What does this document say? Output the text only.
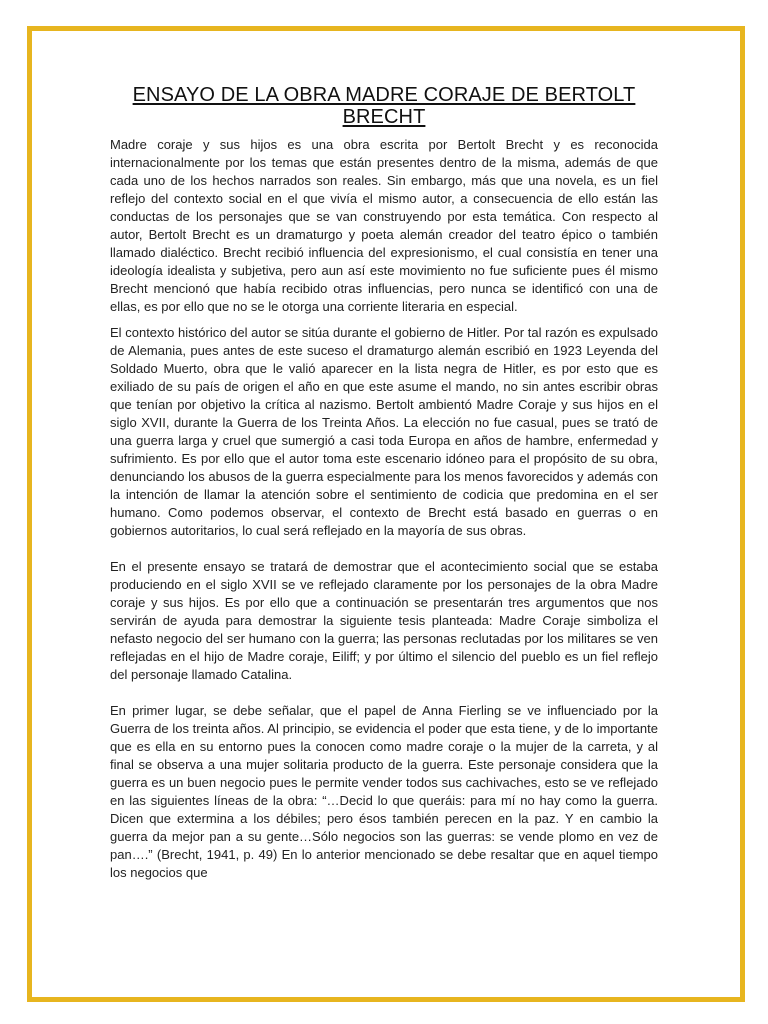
ENSAYO DE LA OBRA MADRE CORAJE DE BERTOLT BRECHT

Madre coraje y sus hijos es una obra escrita por Bertolt Brecht y es reconocida internacionalmente por los temas que están presentes dentro de la misma, además de que cada uno de los hechos narrados son reales. Sin embargo, más que una novela, es un fiel reflejo del contexto social en el que vivía el mismo autor, a consecuencia de ello están las conductas de los personajes que se van construyendo por esta temática. Con respecto al autor, Bertolt Brecht es un dramaturgo y poeta alemán creador del teatro épico o también llamado dialéctico. Brecht recibió influencia del expresionismo, el cual consistía en tener una ideología idealista y subjetiva, pero aun así este movimiento no fue suficiente pues él mismo Brecht mencionó que había recibido otras influencias, pero nunca se identificó con una de ellas, es por ello que no se le otorga una corriente literaria en especial.

El contexto histórico del autor se sitúa durante el gobierno de Hitler. Por tal razón es expulsado de Alemania, pues antes de este suceso el dramaturgo alemán escribió en 1923 Leyenda del Soldado Muerto, obra que le valió aparecer en la lista negra de Hitler, es por esto que es exiliado de su país de origen el año en que este asume el mando, no sin antes escribir obras que tenían por objetivo la crítica al nazismo. Bertolt ambientó Madre Coraje y sus hijos en el siglo XVII, durante la Guerra de los Treinta Años. La elección no fue casual, pues se trató de una guerra larga y cruel que sumergió a casi toda Europa en años de hambre, enfermedad y sufrimiento. Es por ello que el autor toma este escenario idóneo para el propósito de su obra, denunciando los abusos de la guerra especialmente para los menos favorecidos y además con la intención de llamar la atención sobre el sentimiento de codicia que predomina en el ser humano. Como podemos observar, el contexto de Brecht está basado en guerras o en gobiernos autoritarios, lo cual será reflejado en la mayoría de sus obras.

En el presente ensayo se tratará de demostrar que el acontecimiento social que se estaba produciendo en el siglo XVII se ve reflejado claramente por los personajes de la obra Madre coraje y sus hijos. Es por ello que a continuación se presentarán tres argumentos que nos servirán de ayuda para demostrar la siguiente tesis planteada: Madre Coraje simboliza el nefasto negocio del ser humano con la guerra; las personas reclutadas por los militares se ven reflejadas en el hijo de Madre coraje, Eiliff; y por último el silencio del pueblo es un fiel reflejo del personaje llamado Catalina.

En primer lugar, se debe señalar, que el papel de Anna Fierling se ve influenciado por la Guerra de los treinta años. Al principio, se evidencia el poder que esta tiene, y de lo importante que es ella en su entorno pues la conocen como madre coraje o la mujer de la carreta, y al final se observa a una mujer solitaria producto de la guerra. Este personaje considera que la guerra es un buen negocio pues le permite vender todos sus cachivaches, esto se ve reflejado en las siguientes líneas de la obra: “…Decid lo que queráis: para mí no hay como la guerra. Dicen que extermina a los débiles; pero ésos también perecen en la paz. Y en cambio la guerra da mejor pan a su gente…Sólo negocios son las guerras: se vende plomo en vez de pan….” (Brecht, 1941, p. 49) En lo anterior mencionado se debe resaltar que en aquel tiempo los negocios que
